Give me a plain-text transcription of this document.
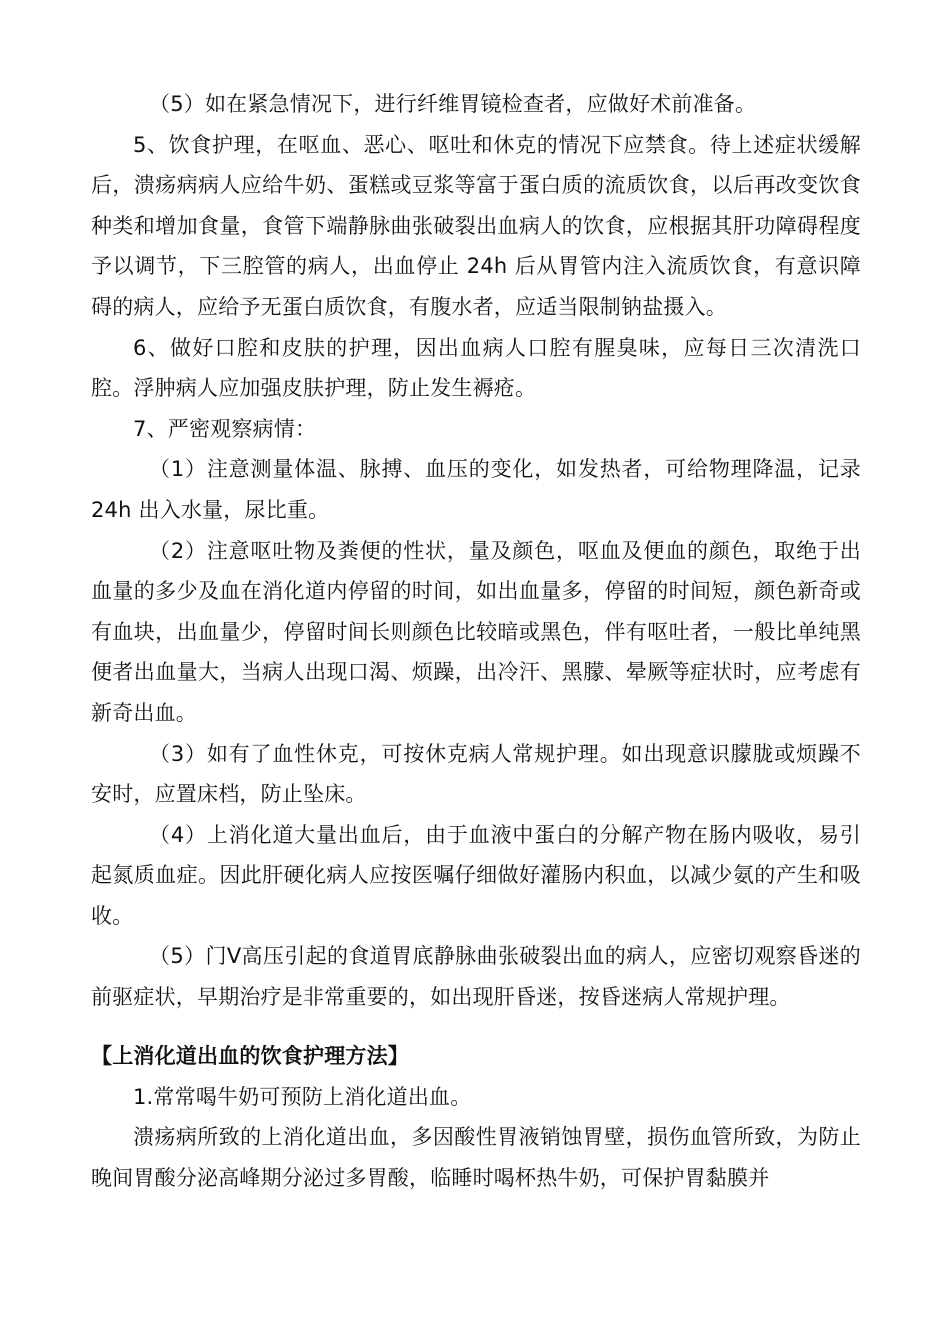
（5）如在紧急情况下，进行纤维胃镜检查者，应做好术前准备。

5、饮食护理，在呕血、恶心、呕吐和休克的情况下应禁食。待上述症状缓解后，溃疡病病人应给牛奶、蛋糕或豆浆等富于蛋白质的流质饮食，以后再改变饮食种类和增加食量，食管下端静脉曲张破裂出血病人的饮食，应根据其肝功障碍程度予以调节，下三腔管的病人，出血停止 24h 后从胃管内注入流质饮食，有意识障碍的病人，应给予无蛋白质饮食，有腹水者，应适当限制钠盐摄入。

6、做好口腔和皮肤的护理，因出血病人口腔有腥臭味，应每日三次清洗口腔。浮肿病人应加强皮肤护理，防止发生褥疮。

7、严密观察病情：

（1）注意测量体温、脉搏、血压的变化，如发热者，可给物理降温，记录 24h 出入水量，尿比重。

（2）注意呕吐物及粪便的性状，量及颜色，呕血及便血的颜色，取绝于出血量的多少及血在消化道内停留的时间，如出血量多，停留的时间短，颜色新奇或有血块，出血量少，停留时间长则颜色比较暗或黑色，伴有呕吐者，一般比单纯黑便者出血量大，当病人出现口渴、烦躁，出冷汗、黑朦、晕厥等症状时，应考虑有新奇出血。

（3）如有了血性休克，可按休克病人常规护理。如出现意识朦胧或烦躁不安时，应置床档，防止坠床。

（4）上消化道大量出血后，由于血液中蛋白的分解产物在肠内吸收，易引起氮质血症。因此肝硬化病人应按医嘱仔细做好灌肠内积血，以减少氨的产生和吸收。

（5）门Ⅴ高压引起的食道胃底静脉曲张破裂出血的病人，应密切观察昏迷的前驱症状，早期治疗是非常重要的，如出现肝昏迷，按昏迷病人常规护理。

【上消化道出血的饮食护理方法】

1.常常喝牛奶可预防上消化道出血。

溃疡病所致的上消化道出血，多因酸性胃液销蚀胃壁，损伤血管所致，为防止晚间胃酸分泌高峰期分泌过多胃酸，临睡时喝杯热牛奶，可保护胃黏膜并
